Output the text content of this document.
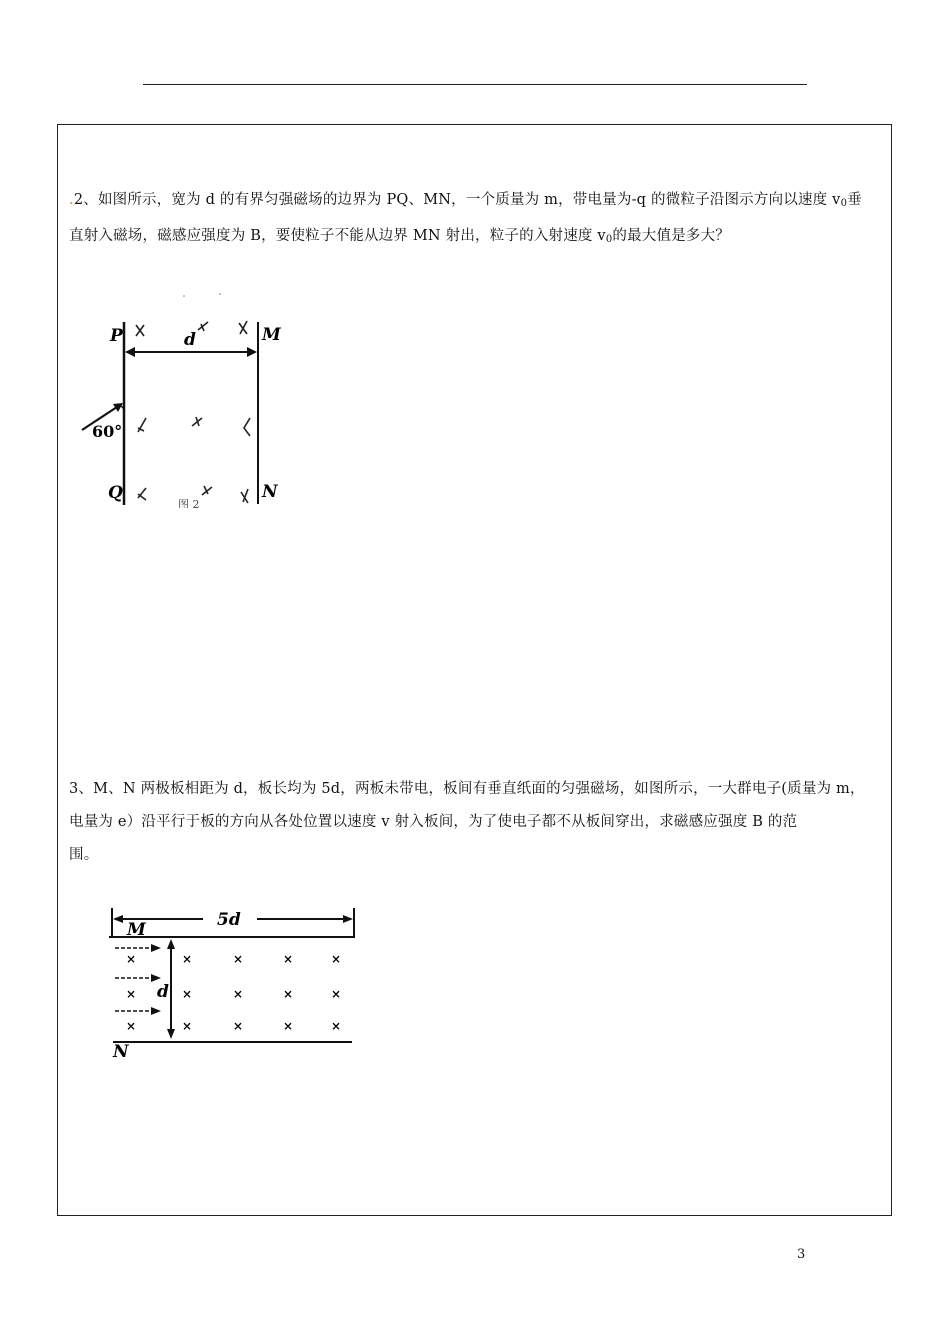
.2、如图所示，宽为 d 的有界匀强磁场的边界为 PQ、MN，一个质量为 m，带电量为-q 的微粒子沿图示方向以速度 $v_0$垂
直射入磁场，磁感应强度为 B，要使粒子不能从边界 MN 射出，粒子的入射速度 $v_0$的最大值是多大？
P	M
Q	N
d
60°
图 2
3、M、N 两极板相距为 d，板长均为 5d，两板未带电，板间有垂直纸面的匀强磁场，如图所示，一大群电子(质量为 m，
电量为 e）沿平行于板的方向从各处位置以速度 v 射入板间，为了使电子都不从板间穿出，求磁感应强度 B 的范
围。
5d
M
N
d
×
×
×
×
×
×
×
×
×
×
×
×
×
×
×
3
